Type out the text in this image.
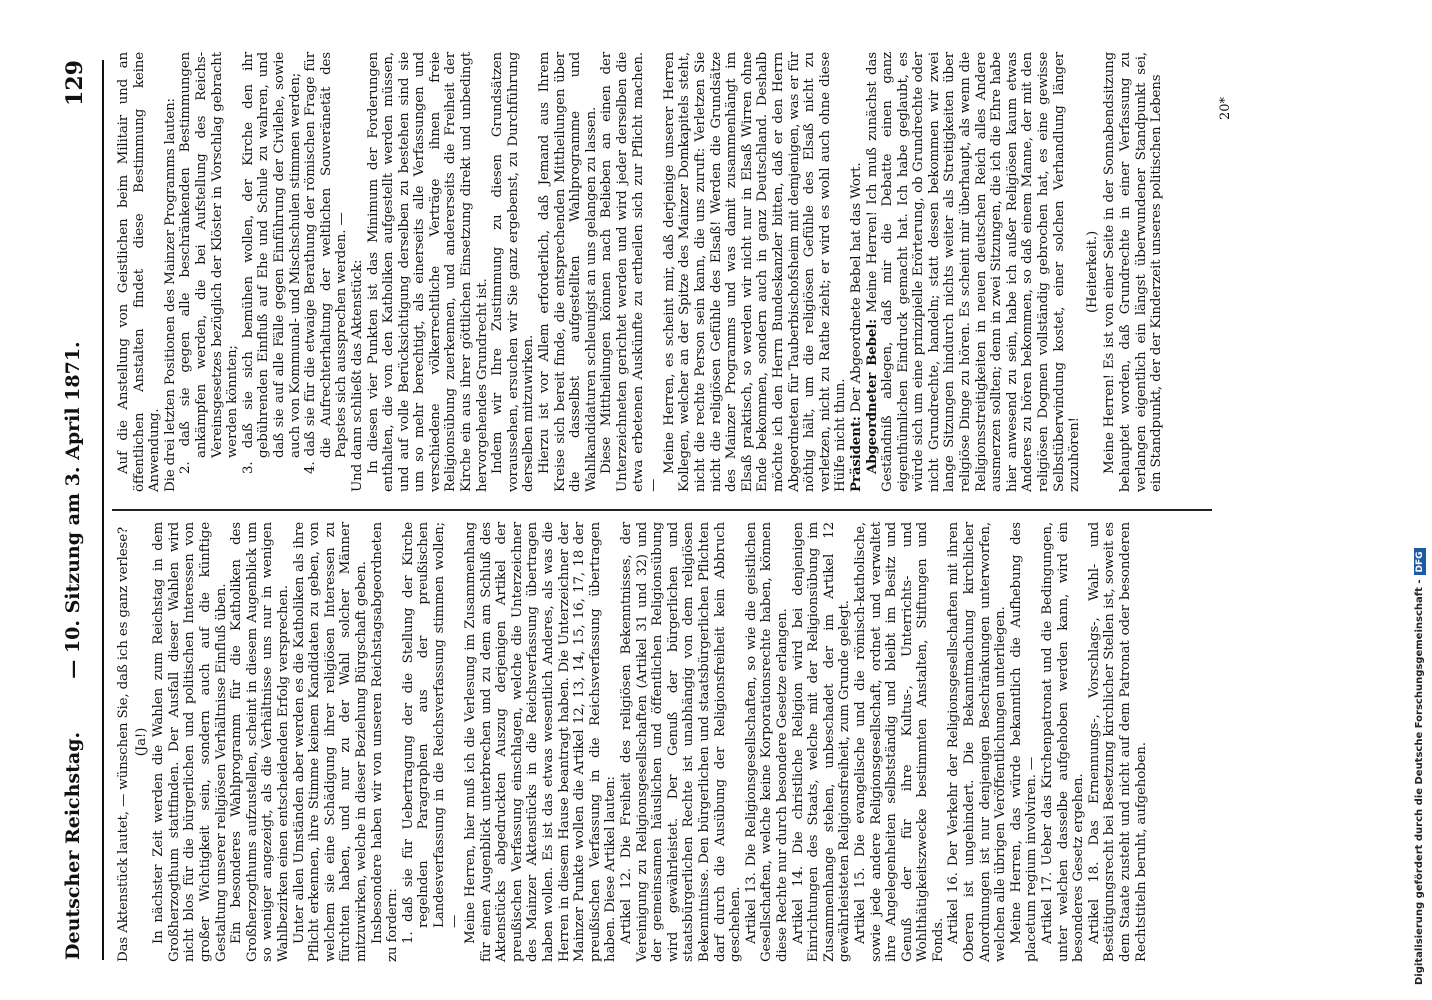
Deutscher Reichstag.
— 10. Sitzung am 3. April 1871.
129

Das Aktenstück lautet, — wünschen Sie, daß ich es ganz verlese? (Ja!) In nächster Zeit werden die Wahlen zum Reichstag in dem Großherzogthum stattfinden. Der Ausfall dieser Wahlen wird nicht blos für die bürgerlichen und politischen Interessen von großer Wichtigkeit sein, sondern auch auf die künftige Gestaltung unserer religiösen Verhältnisse Einfluß üben. Ein besonderes Wahlprogramm für die Katholiken des Großherzogthums aufzustellen, scheint in diesem Augenblick um so weniger angezeigt, als die Verhältnisse uns nur in wenigen Wahlbezirken einen entscheidenden Erfolg versprechen. Unter allen Umständen aber werden es die Katholiken als ihre Pflicht erkennen, ihre Stimme keinem Kandidaten zu geben, von welchem sie eine Schädigung ihrer religiösen Interessen zu fürchten haben, und nur zu der Wahl solcher Männer mitzuwirken, welche in dieser Beziehung Bürgschaft geben. Insbesondere haben wir von unseren Reichstagsabgeordneten zu fordern: 1. daß sie für Uebertragung der die Stellung der Kirche regelnden Paragraphen aus der preußischen Landesverfassung in die Reichsverfassung stimmen wollen; — Meine Herren, hier muß ich die Verlesung im Zusammenhang für einen Augenblick unterbrechen und zu dem am Schluß des Aktenstücks abgedruckten Auszug derjenigen Artikel der preußischen Verfassung einschlagen, welche die Unterzeichner des Mainzer Aktenstücks in die Reichsverfassung übertragen haben wollen. Es ist das etwas wesentlich Anderes, als was die Herren in diesem Hause beantragt haben. Die Unterzeichner der Mainzer Punkte wollen die Artikel 12, 13, 14, 15, 16, 17, 18 der preußischen Verfassung in die Reichsverfassung übertragen haben. Diese Artikel lauten: Artikel 12. Die Freiheit des religiösen Bekenntnisses, der Vereinigung zu Religionsgesellschaften (Artikel 31 und 32) und der gemeinsamen häuslichen und öffentlichen Religionsübung wird gewährleistet. Der Genuß der bürgerlichen und staatsbürgerlichen Rechte ist unabhängig von dem religiösen Bekenntnisse. Den bürgerlichen und staatsbürgerlichen Pflichten darf durch die Ausübung der Religionsfreiheit kein Abbruch geschehen. Artikel 13. Die Religionsgesellschaften, so wie die geistlichen Gesellschaften, welche keine Korporationsrechte haben, können diese Rechte nur durch besondere Gesetze erlangen. Artikel 14. Die christliche Religion wird bei denjenigen Einrichtungen des Staats, welche mit der Religionsübung im Zusammenhange stehen, unbeschadet der im Artikel 12 gewährleisteten Religionsfreiheit, zum Grunde gelegt. Artikel 15. Die evangelische und die römisch-katholische, sowie jede andere Religionsgesellschaft, ordnet und verwaltet ihre Angelegenheiten selbstständig und bleibt im Besitz und Genuß der für ihre Kultus-, Unterrichts- und Wohlthätigkeitszwecke bestimmten Anstalten, Stiftungen und Fonds. Artikel 16. Der Verkehr der Religionsgesellschaften mit ihren Oberen ist ungehindert. Die Bekanntmachung kirchlicher Anordnungen ist nur denjenigen Beschränkungen unterworfen, welchen alle übrigen Veröffentlichungen unterliegen. Meine Herren, das würde bekanntlich die Aufhebung des placetum regium involviren. — Artikel 17. Ueber das Kirchenpatronat und die Bedingungen, unter welchen dasselbe aufgehoben werden kann, wird ein besonderes Gesetz ergehen. Artikel 18. Das Ernennungs-, Vorschlags-, Wahl- und Bestätigungsrecht bei Besetzung kirchlicher Stellen ist, soweit es dem Staate zusteht und nicht auf dem Patronat oder besonderen Rechtstiteln beruht, aufgehoben.

Auf die Anstellung von Geistlichen beim Militair und an öffentlichen Anstalten findet diese Bestimmung keine Anwendung. Die drei letzten Positionen des Mainzer Programms lauten: 2. daß sie gegen alle beschränkenden Bestimmungen ankämpfen werden, die bei Aufstellung des Reichs-Vereinsgesetzes bezüglich der Klöster in Vorschlag gebracht werden könnten; 3. daß sie sich bemühen wollen, der Kirche den ihr gebührenden Einfluß auf Ehe und Schule zu wahren, und daß sie auf alle Fälle gegen Einführung der Civilehe, sowie auch von Kommunal- und Mischschulen stimmen werden; 4. daß sie für die etwaige Berathung der römischen Frage für die Aufrechterhaltung der weltlichen Souveränetät des Papstes sich aussprechen werden. — Und dann schließt das Aktenstück: In diesen vier Punkten ist das Minimum der Forderungen enthalten, die von den Katholiken aufgestellt werden müssen, und auf volle Berücksichtigung derselben zu bestehen sind sie um so mehr berechtigt, als einerseits alle Verfassungen und verschiedene völkerrechtliche Verträge ihnen freie Religionsübung zuerkennen, und andererseits die Freiheit der Kirche ein aus ihrer göttlichen Einsetzung direkt und unbedingt hervorgehendes Grundrecht ist. Indem wir Ihre Zustimmung zu diesen Grundsätzen voraussehen, ersuchen wir Sie ganz ergebenst, zu Durchführung derselben mitzuwirken. Hierzu ist vor Allem erforderlich, daß Jemand aus Ihrem Kreise sich bereit finde, die entsprechenden Mittheilungen über die dasselbst aufgestellten Wahlprogramme und Wahlkandidaturen schleunigst an uns gelangen zu lassen. Diese Mittheilungen können nach Belieben an einen der Unterzeichneten gerichtet werden und wird jeder derselben die etwa erbetenen Auskünfte zu ertheilen sich zur Pflicht machen. —

Meine Herren, es scheint mir, daß derjenige unserer Herren Kollegen, welcher an der Spitze des Mainzer Domkapitels steht, nicht die rechte Person sein kann, die uns zuruft: Verletzen Sie nicht die religiösen Gefühle des Elsaß! Werden die Grundsätze des Mainzer Programms und was damit zusammenhängt im Elsaß praktisch, so werden wir nicht nur in Elsaß Wirren ohne Ende bekommen, sondern auch in ganz Deutschland. Deshalb möchte ich den Herrn Bundeskanzler bitten, daß er den Herrn Abgeordneten für Tauberbischofsheim mit demjenigen, was er für nöthig hält, um die religiösen Gefühle des Elsaß nicht zu verletzen, nicht zu Rathe zieht; er wird es wohl auch ohne diese Hülfe nicht thun. Präsident: Der Abgeordnete Bebel hat das Wort. Abgeordneter Bebel: Meine Herren! Ich muß zunächst das Geständniß ablegen, daß mir die Debatte einen ganz eigenthümlichen Eindruck gemacht hat. Ich habe geglaubt, es würde sich um eine prinzipielle Erörterung, ob Grundrechte oder nicht Grundrechte, handeln; statt dessen bekommen wir zwei lange Sitzungen hindurch nichts weiter als Streitigkeiten über religiöse Dinge zu hören. Es scheint mir überhaupt, als wenn die Religionsstreitigkeiten in neuen deutschen Reich alles Andere ausmerzen sollten; denn in zwei Sitzungen, die ich die Ehre habe hier anwesend zu sein, habe ich außer Religiösen kaum etwas Anderes zu hören bekommen, so daß einem Manne, der mit den religiösen Dogmen vollständig gebrochen hat, es eine gewisse Selbstüberwindung kostet, einer solchen Verhandlung länger zuzuhören!

(Heiterkeit.) Meine Herren! Es ist von einer Seite in der Sonnabendsitzung behauptet worden, daß Grundrechte in einer Verfassung zu verlangen eigentlich ein längst überwundener Standpunkt sei, ein Standpunkt, der der Kinderzeit unseres politischen Lebens	20*
Digitalisierung gefördert durch die Deutsche Forschungsgemeinschaft -DFG
